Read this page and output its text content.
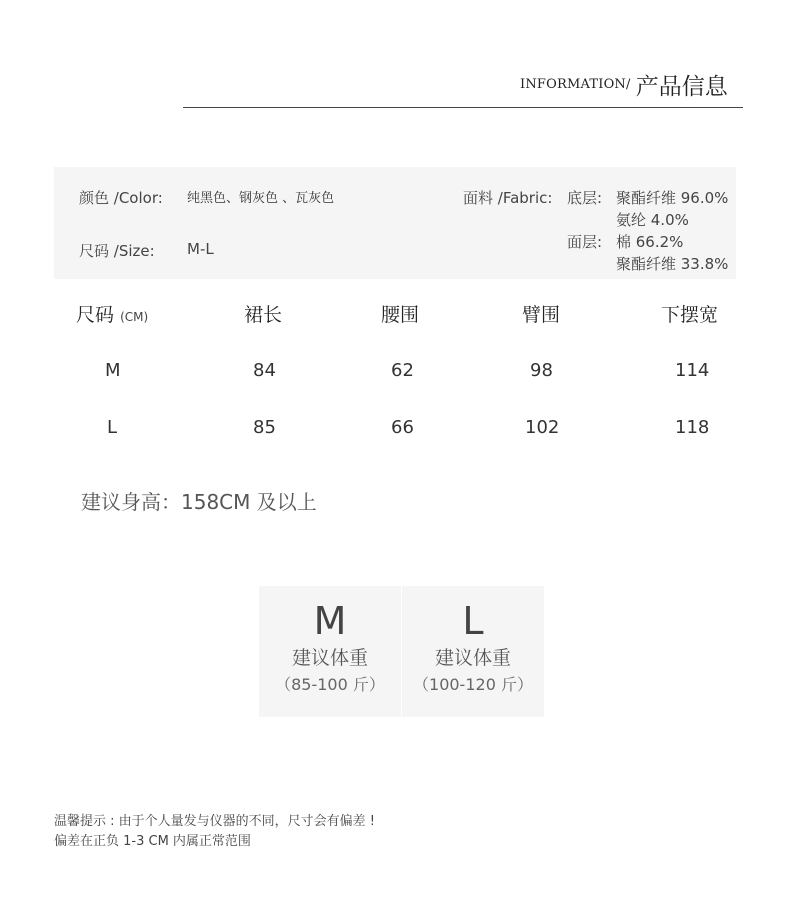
INFORMATION/ 产品信息
颜色 /Color: 纯黑色、钢灰色 、瓦灰色
尺码 /Size: M-L
面料 /Fabric: 底层: 聚酯纤维 96.0%
氨纶 4.0%
面层: 棉 66.2%
聚酯纤维 33.8%
尺码 (CM)	裙长	腰围	臂围	下摆宽
M	84	62	98	114
L	85	66	102	118
建议身高：158CM 及以上
M
建议体重
（85-100 斤）
L
建议体重
（100-120 斤）
温馨提示 : 由于个人量发与仪器的不同，尺寸会有偏差 !
偏差在正负 1-3 CM 内属正常范围
